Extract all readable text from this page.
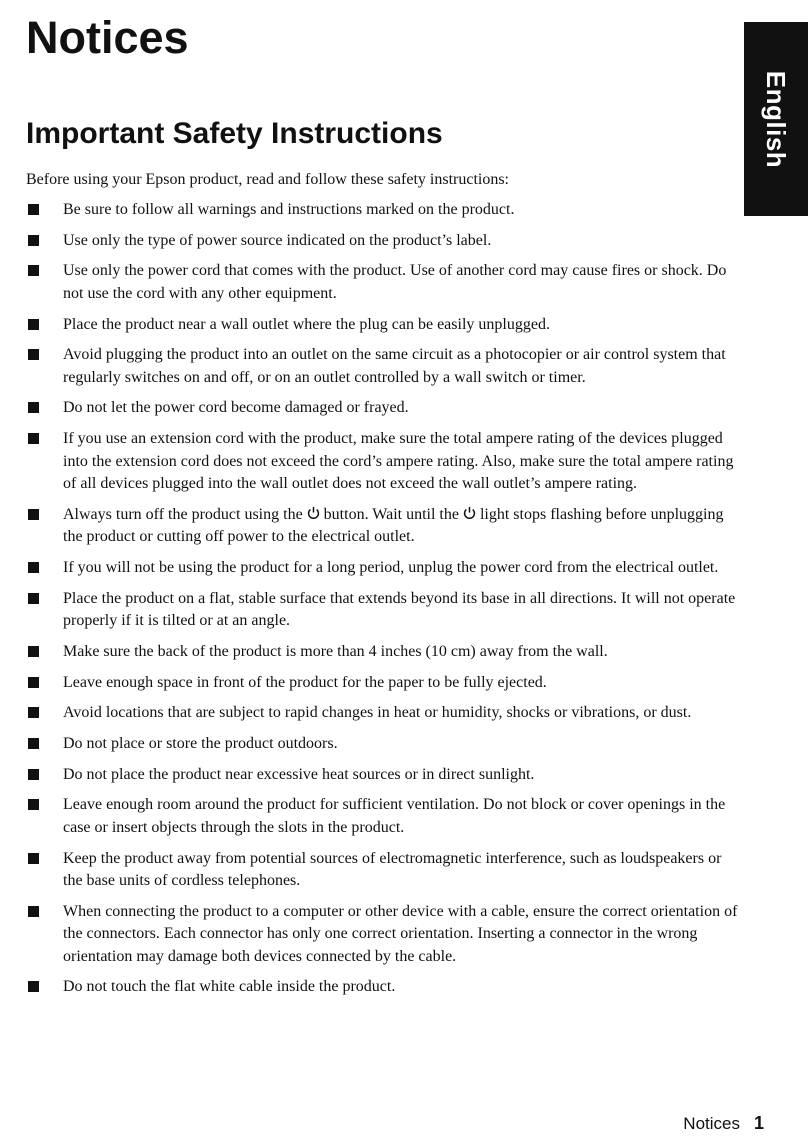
Notices
English
Important Safety Instructions

Before using your Epson product, read and follow these safety instructions:

Be sure to follow all warnings and instructions marked on the product.
Use only the type of power source indicated on the product’s label.
Use only the power cord that comes with the product. Use of another cord may cause fires or shock. Do not use the cord with any other equipment.
Place the product near a wall outlet where the plug can be easily unplugged.
Avoid plugging the product into an outlet on the same circuit as a photocopier or air control system that regularly switches on and off, or on an outlet controlled by a wall switch or timer.
Do not let the power cord become damaged or frayed.
If you use an extension cord with the product, make sure the total ampere rating of the devices plugged into the extension cord does not exceed the cord’s ampere rating. Also, make sure the total ampere rating of all devices plugged into the wall outlet does not exceed the wall outlet’s ampere rating.
Always turn off the product using the button. Wait until the light stops flashing before unplugging the product or cutting off power to the electrical outlet.
If you will not be using the product for a long period, unplug the power cord from the electrical outlet.
Place the product on a flat, stable surface that extends beyond its base in all directions. It will not operate properly if it is tilted or at an angle.
Make sure the back of the product is more than 4 inches (10 cm) away from the wall.
Leave enough space in front of the product for the paper to be fully ejected.
Avoid locations that are subject to rapid changes in heat or humidity, shocks or vibrations, or dust.
Do not place or store the product outdoors.
Do not place the product near excessive heat sources or in direct sunlight.
Leave enough room around the product for sufficient ventilation. Do not block or cover openings in the case or insert objects through the slots in the product.
Keep the product away from potential sources of electromagnetic interference, such as loudspeakers or the base units of cordless telephones.
When connecting the product to a computer or other device with a cable, ensure the correct orientation of the connectors. Each connector has only one correct orientation. Inserting a connector in the wrong orientation may damage both devices connected by the cable.
Do not touch the flat white cable inside the product.
Notices 1
